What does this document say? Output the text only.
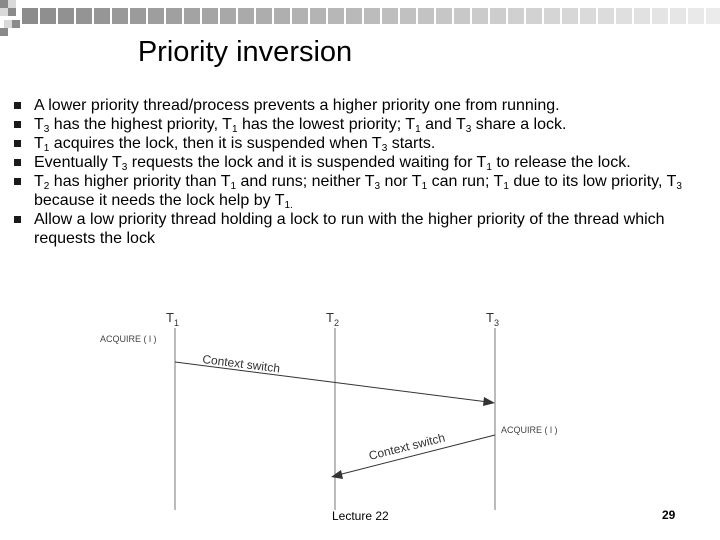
Priority inversion
A lower priority thread/process prevents a higher priority one from running.
$T_3$ has the highest priority, $T_1$ has the lowest priority; $T_1$ and $T_3$ share a lock.
$T_1$ acquires the lock, then it is suspended when $T_3$ starts.
Eventually $T_3$ requests the lock and it is suspended waiting for $T_1$ to release the lock.
$T_2$ has higher priority than $T_1$ and runs; neither $T_3$ nor $T_1$ can run; $T_1$ due to its low priority, $T_3$ because it needs the lock help by $T_{1.}$
Allow a low priority thread holding a lock to run with the higher priority of the thread which requests the lock
$T_1$	$T_2$	$T_3$
ACQUIRE ( l )
ACQUIRE ( l )
Context switch
Context switch
Lecture 22	29
